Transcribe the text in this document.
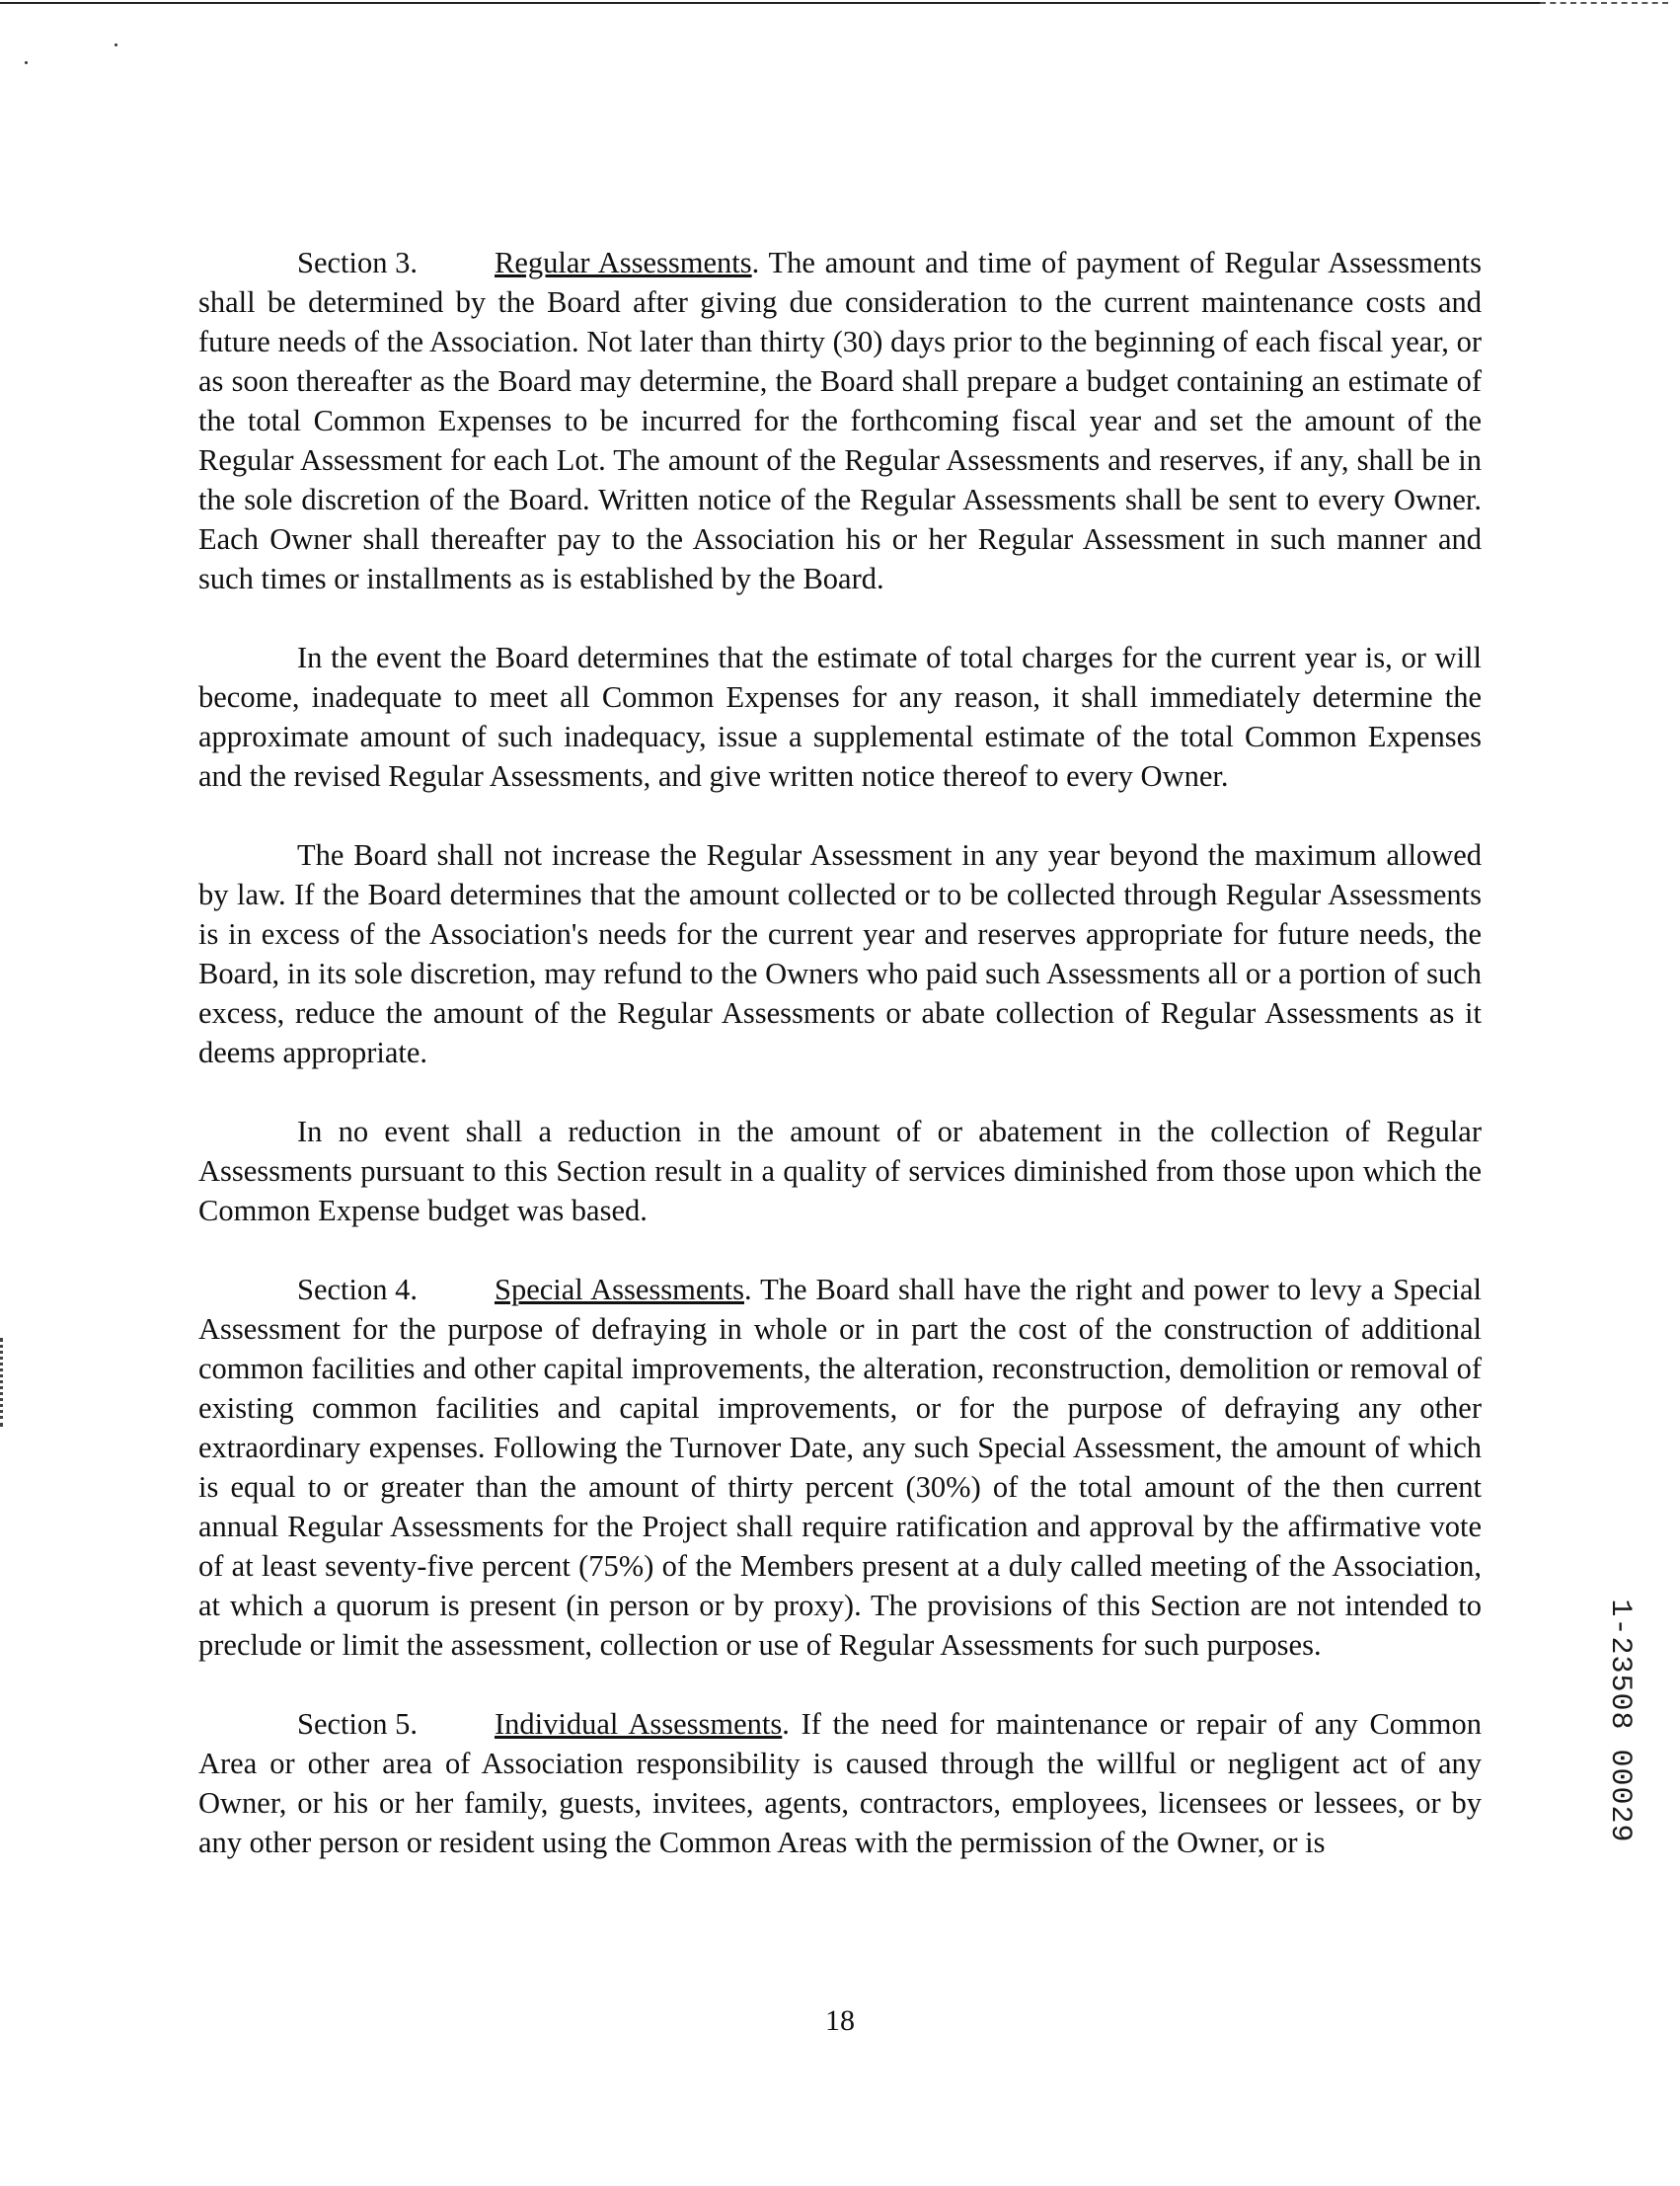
Section 3.	Regular Assessments. The amount and time of payment of Regular Assessments shall be determined by the Board after giving due consideration to the current maintenance costs and future needs of the Association. Not later than thirty (30) days prior to the beginning of each fiscal year, or as soon thereafter as the Board may determine, the Board shall prepare a budget containing an estimate of the total Common Expenses to be incurred for the forthcoming fiscal year and set the amount of the Regular Assessment for each Lot. The amount of the Regular Assessments and reserves, if any, shall be in the sole discretion of the Board. Written notice of the Regular Assessments shall be sent to every Owner. Each Owner shall thereafter pay to the Association his or her Regular Assessment in such manner and such times or installments as is established by the Board.

In the event the Board determines that the estimate of total charges for the current year is, or will become, inadequate to meet all Common Expenses for any reason, it shall immediately determine the approximate amount of such inadequacy, issue a supplemental estimate of the total Common Expenses and the revised Regular Assessments, and give written notice thereof to every Owner.

The Board shall not increase the Regular Assessment in any year beyond the maximum allowed by law. If the Board determines that the amount collected or to be collected through Regular Assessments is in excess of the Association's needs for the current year and reserves appropriate for future needs, the Board, in its sole discretion, may refund to the Owners who paid such Assessments all or a portion of such excess, reduce the amount of the Regular Assessments or abate collection of Regular Assessments as it deems appropriate.

In no event shall a reduction in the amount of or abatement in the collection of Regular Assessments pursuant to this Section result in a quality of services diminished from those upon which the Common Expense budget was based.

Section 4.	Special Assessments. The Board shall have the right and power to levy a Special Assessment for the purpose of defraying in whole or in part the cost of the construction of additional common facilities and other capital improvements, the alteration, reconstruction, demolition or removal of existing common facilities and capital improvements, or for the purpose of defraying any other extraordinary expenses. Following the Turnover Date, any such Special Assessment, the amount of which is equal to or greater than the amount of thirty percent (30%) of the total amount of the then current annual Regular Assessments for the Project shall require ratification and approval by the affirmative vote of at least seventy-five percent (75%) of the Members present at a duly called meeting of the Association, at which a quorum is present (in person or by proxy). The provisions of this Section are not intended to preclude or limit the assessment, collection or use of Regular Assessments for such purposes.

Section 5.	Individual Assessments. If the need for maintenance or repair of any Common Area or other area of Association responsibility is caused through the willful or negligent act of any Owner, or his or her family, guests, invitees, agents, contractors, employees, licensees or lessees, or by any other person or resident using the Common Areas with the permission of the Owner, or is

18
1-23508 00029
